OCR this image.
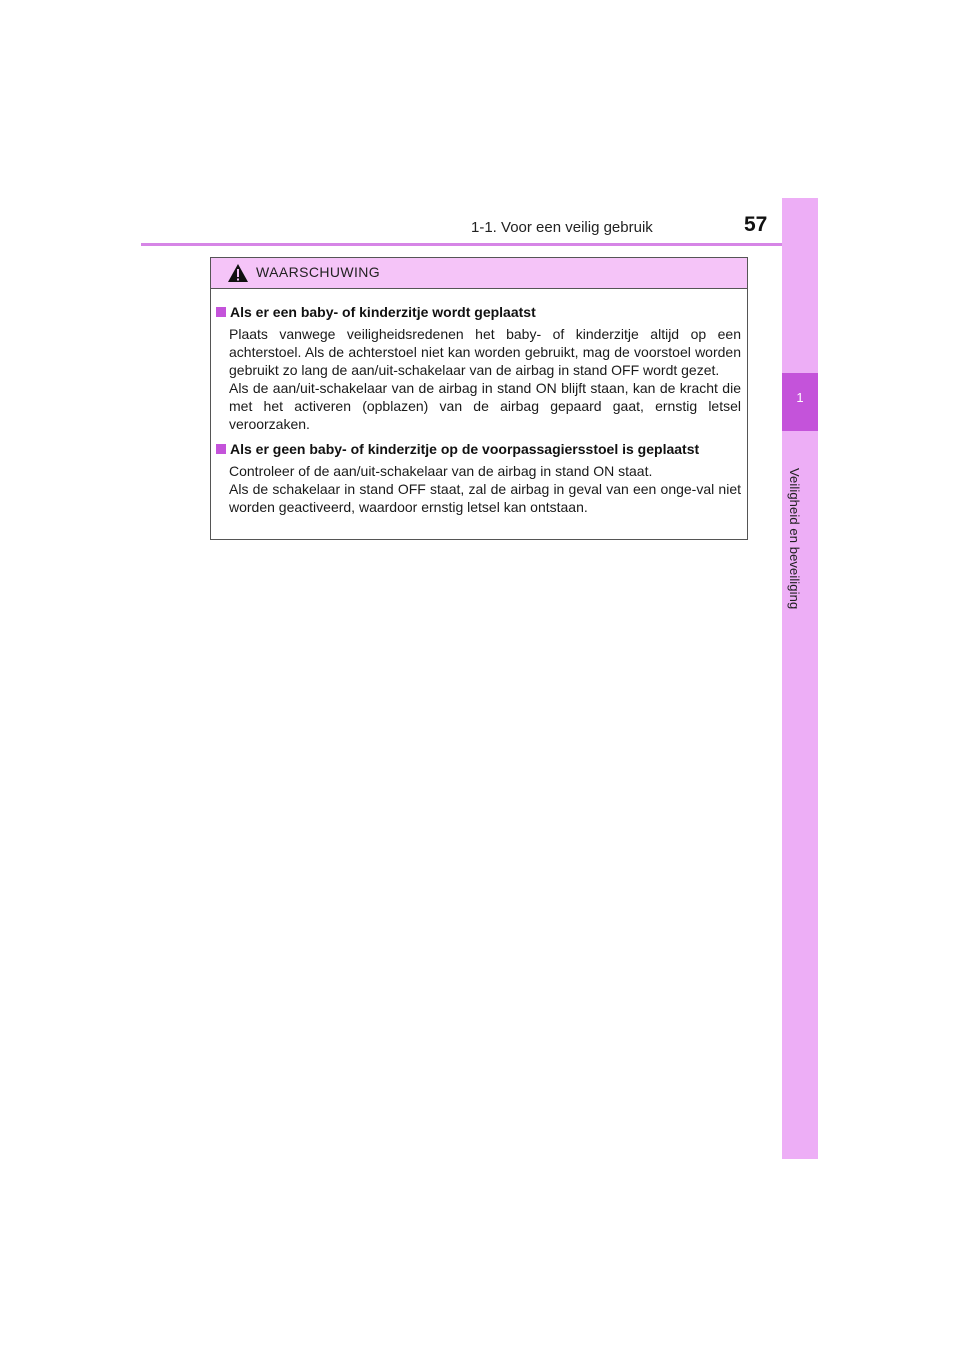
1-1. Voor een veilig gebruik	57
1
Veiligheid en beveiliging
WAARSCHUWING
Als er een baby- of kinderzitje wordt geplaatst
Plaats vanwege veiligheidsredenen het baby- of kinderzitje altijd op een achterstoel. Als de achterstoel niet kan worden gebruikt, mag de voorstoel worden gebruikt zo lang de aan/uit-schakelaar van de airbag in stand OFF wordt gezet.
Als de aan/uit-schakelaar van de airbag in stand ON blijft staan, kan de kracht die met het activeren (opblazen) van de airbag gepaard gaat, ernstig letsel veroorzaken.
Als er geen baby- of kinderzitje op de voorpassagiersstoel is geplaatst
Controleer of de aan/uit-schakelaar van de airbag in stand ON staat.
Als de schakelaar in stand OFF staat, zal de airbag in geval van een onge-val niet worden geactiveerd, waardoor ernstig letsel kan ontstaan.
